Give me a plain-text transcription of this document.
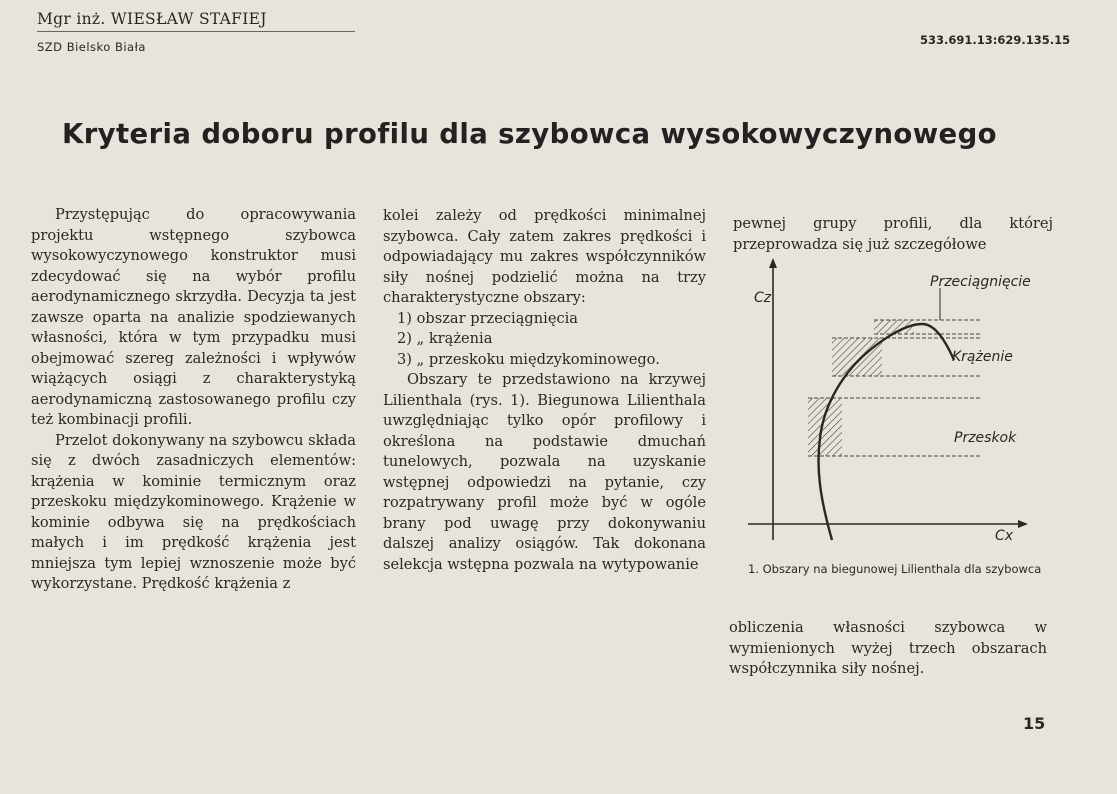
Mgr inż. WIESŁAW STAFIEJ
SZD Bielsko Biała	533.691.13:629.135.15
Kryteria doboru profilu dla szybowca wysokowyczynowego

Przystępując do opracowywania projektu wstępnego szybowca wysokowyczynowego konstruktor musi zdecydować się na wybór profilu aerodynamicznego skrzydła. Decyzja ta jest zawsze oparta na analizie spodziewanych własności, która w tym przypadku musi obejmować szereg zależności i wpływów wiążących osiągi z charakterystyką aerodynamiczną zastosowanego profilu czy też kombinacji profili.

Przelot dokonywany na szybowcu składa się z dwóch zasadniczych elementów: krążenia w kominie termicznym oraz przeskoku międzykominowego. Krążenie w kominie odbywa się na prędkościach małych i im prędkość krążenia jest mniejsza tym lepiej wznoszenie może być wykorzystane. Prędkość krążenia z

kolei zależy od prędkości minimalnej szybowca. Cały zatem zakres prędkości i odpowiadający mu zakres współczynników siły nośnej podzielić można na trzy charakterystyczne obszary:

1) obszar przeciągnięcia

2) „ krążenia

3) „ przeskoku międzykominowego.

Obszary te przedstawiono na krzywej Lilienthala (rys. 1). Biegunowa Lilienthala uwzględniając tylko opór profilowy i określona na podstawie dmuchań tunelowych, pozwala na uzyskanie wstępnej odpowiedzi na pytanie, czy rozpatrywany profil może być w ogóle brany pod uwagę przy dokonywaniu dalszej analizy osiągów. Tak dokonana selekcja wstępna pozwala na wytypowanie

pewnej grupy profili, dla której przeprowadza się już szczegółowe

Cz
Cx
Przeciągnięcie
Krążenie
Przeskok
1. Obszary na biegunowej Lilienthala dla szybowca

obliczenia własności szybowca w wymienionych wyżej trzech obszarach współczynnika siły nośnej.

15
